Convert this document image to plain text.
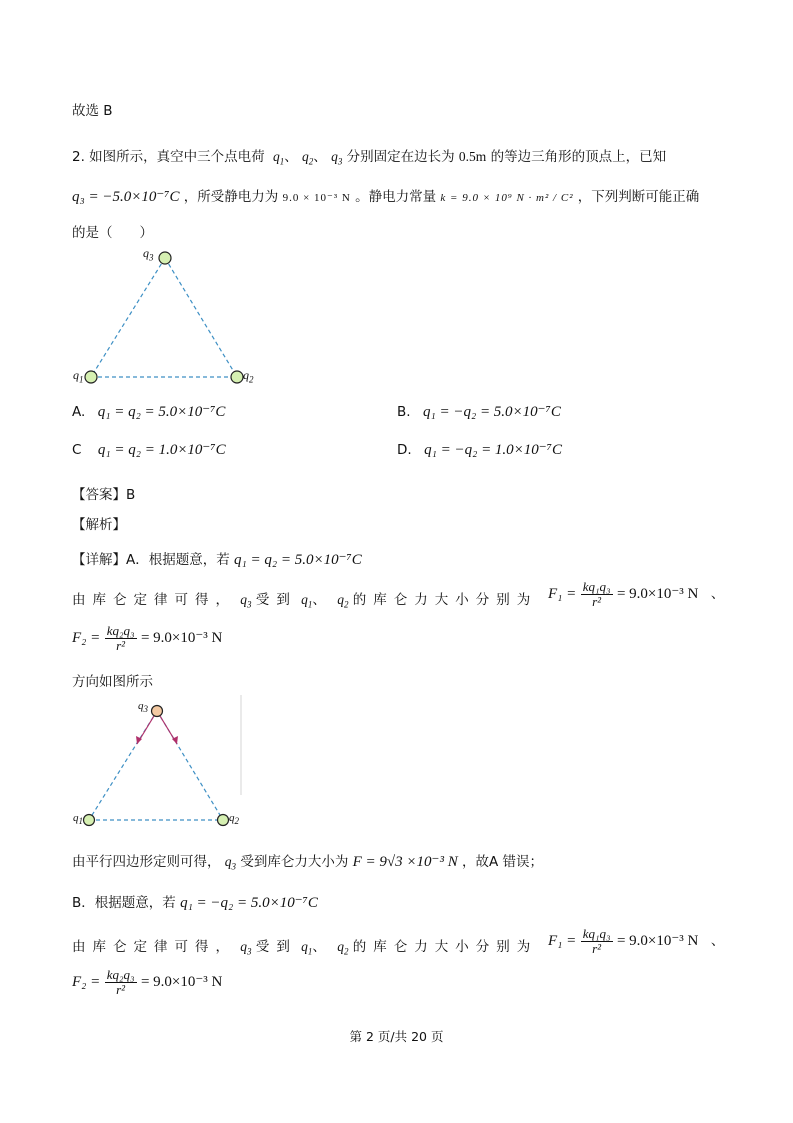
故选 B
2. 如图所示，真空中三个点电荷 $q_1$、 $q_2$、 $q_3$ 分别固定在边长为 0.5m 的等边三角形的顶点上，已知
q₃ = −5.0×10⁻⁷C ，所受静电力为 9.0 × 10⁻³ N 。静电力常量 k = 9.0 × 10⁹ N · m² / C² ，下列判断可能正确
的是（　　）
$q_3$
$q_1$	$q_2$
A. q₁ = q₂ = 5.0×10⁻⁷C	B. q₁ = −q₂ = 5.0×10⁻⁷C
C q₁ = q₂ = 1.0×10⁻⁷C	D. q₁ = −q₂ = 1.0×10⁻⁷C
【答案】B
【解析】
【详解】A．根据题意，若 q₁ = q₂ = 5.0×10⁻⁷C
由库仑定律可得， $q_3$ 受到 $q_1$、 $q_2$ 的库仑力大小分别为 $F_1 = \frac{\text{kq₁q₃}}{\text{r²}} = 9.0\times 10^{-3}$ N 、
$F_2 = \frac{\text{kq₂q₃}}{\text{r²}} = 9.0\times 10^{-3}$ N
方向如图所示
$q_3$
$q_1$	$q_2$
由平行四边形定则可得， $q_3$ 受到库仑力大小为 F = 9√3 ×10⁻³ N ，故A 错误；
B．根据题意，若 q₁ = −q₂ = 5.0×10⁻⁷C
由库仑定律可得， $q_3$ 受到 $q_1$、 $q_2$ 的库仑力大小分别为 $F_1 = \frac{\text{kq₁q₃}}{\text{r²}} = 9.0\times 10^{-3}$ N 、
$F_2 = \frac{\text{kq₂q₃}}{\text{r²}} = 9.0\times 10^{-3}$ N
第 2 页/共 20 页
